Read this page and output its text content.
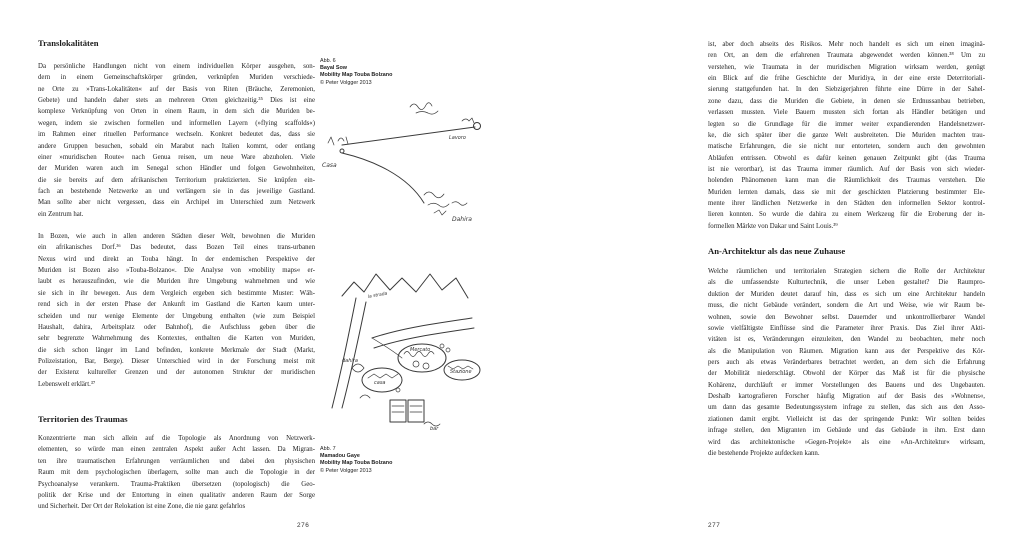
Translokalitäten
Da persönliche Handlungen nicht von einem individuellen Körper ausgehen, son-
dern in einem Gemeinschaftskörper gründen, verknüpfen Muriden verschiede-
ne Orte zu »Trans-Lokalitäten« auf der Basis von Riten (Bräuche, Zeremonien,
Gebete) und handeln daher stets an mehreren Orten gleichzeitig.³⁵ Dies ist eine
komplexe Verknüpfung von Orten in einem Raum, in dem sich die Muriden be-
wegen, indem sie zwischen formellen und informellen Layern (»flying scaffolds«)
im Rahmen einer rituellen Performance wechseln. Konkret bedeutet das, dass sie
andere Gruppen besuchen, sobald ein Marabut nach Italien kommt, oder entlang
einer »muridischen Route« nach Genua reisen, um neue Ware abzuholen. Viele
der Muriden waren auch im Senegal schon Händler und folgen Gewohnheiten,
die sie bereits auf dem afrikanischen Territorium praktizierten. Sie knüpfen ein-
fach an bestehende Netzwerke an und verlängern sie in das jeweilige Gastland.
Man sollte aber nicht vergessen, dass ein Archipel im Unterschied zum Netzwerk
ein Zentrum hat.
In Bozen, wie auch in allen anderen Städten dieser Welt, bewohnen die Muriden
ein afrikanisches Dorf.³⁶ Das bedeutet, dass Bozen Teil eines trans-urbanen
Nexus wird und direkt an Touba hängt. In der endemischen Perspektive der
Muriden ist Bozen also »Touba-Bolzano«. Die Analyse von »mobility maps« er-
laubt es herauszufinden, wie die Muriden ihre Umgebung wahrnehmen und wie
sie sich in ihr bewegen. Aus dem Vergleich ergeben sich bestimmte Muster: Wäh-
rend sich in der ersten Phase der Ankunft im Gastland die Karten kaum unter-
scheiden und nur wenige Elemente der Umgebung enthalten (wie zum Beispiel
Haushalt, dahira, Arbeitsplatz oder Bahnhof), die Aufschluss geben über die
sehr begrenzte Wahrnehmung des Kontextes, enthalten die Karten von Muriden,
die sich schon länger im Land befinden, konkrete Merkmale der Stadt (Markt,
Polizeistation, Bar, Berge). Dieser Unterschied wird in der Forschung meist mit
der Existenz kultureller Grenzen und der autonomen Struktur der muridischen
Lebenswelt erklärt.³⁷
Territorien des Traumas
Konzentrierte man sich allein auf die Topologie als Anordnung von Netzwerk-
elementen, so würde man einen zentralen Aspekt außer Acht lassen. Da Migran-
ten ihre traumatischen Erfahrungen verräumlichen und dabei den physischen
Raum mit dem psychologischen überlagern, sollte man auch die Topologie in der
Psychoanalyse verankern. Trauma-Praktiken übersetzen (topologisch) die Geo-
politik der Krise und der Entortung in einen qualitativ anderen Raum der Sorge
und Sicherheit. Der Ort der Relokation ist eine Zone, die nie ganz gefahrlos
Abb. 6
Bayal Sow
Mobility Map Touba Bolzano
© Peter Volgger 2013
Casa
Dahira
Lavoro
Mercato
casa
Stazione
bar
dahira
la strada
Abb. 7
Mamadou Gaye
Mobility Map Touba Bolzano
© Peter Volgger 2013
276
ist, aber doch abseits des Risikos. Mehr noch handelt es sich um einen imaginä-
ren Ort, an dem die erfahrenen Traumata abgewendet werden können.³⁸ Um zu
verstehen, wie Traumata in der muridischen Migration wirksam werden, genügt
ein Blick auf die frühe Geschichte der Muridiya, in der eine erste Deterritoriali-
sierung stattgefunden hat. In den Siebzigerjahren führte eine Dürre in der Sahel-
zone dazu, dass die Muriden die Gebiete, in denen sie Erdnussanbau betrieben,
verlassen mussten. Viele Bauern mussten sich fortan als Händler betätigen und
legten so die Grundlage für die immer weiter expandierenden Handelsnetzwer-
ke, die sich später über die ganze Welt ausbreiteten. Die Muriden machten trau-
matische Erfahrungen, die sie nicht nur entorteten, sondern auch den gewohnten
Abläufen entrissen. Obwohl es dafür keinen genauen Zeitpunkt gibt (das Trauma
ist nie verortbar), ist das Trauma immer räumlich. Auf der Basis von sich wieder-
holenden Phänomenen kann man die Räumlichkeit des Traumas verstehen. Die
Muriden lernten damals, dass sie mit der geschickten Platzierung bestimmter Ele-
mente ihrer ländlichen Netzwerke in den Städten den informellen Sektor kontrol-
lieren konnten. So wurde die dahira zu einem Werkzeug für die Eroberung der in-
formellen Märkte von Dakar und Saint Louis.³⁹
An-Architektur als das neue Zuhause
Welche räumlichen und territorialen Strategien sichern die Rolle der Architektur
als die umfassendste Kulturtechnik, die unser Leben gestaltet? Die Raumpro-
duktion der Muriden deutet darauf hin, dass es sich um eine Architektur handeln
muss, die nicht Gebäude verändert, sondern die Art und Weise, wie wir Raum be-
wohnen, sowie den Bewohner selbst. Dauernder und unkontrollierbarer Wandel
sowie vielfältigste Einflüsse sind die Parameter ihrer Praxis. Das Ziel ihrer Akti-
vitäten ist es, Veränderungen einzuleiten, den Wandel zu beobachten, mehr noch
als die Manipulation von Räumen. Migration kann aus der Perspektive des Kör-
pers auch als etwas Veränderbares betrachtet werden, an dem sich die Erfahrung
der Mobilität niederschlägt. Obwohl der Körper das Maß ist für die physische
Kohärenz, durchläuft er immer Vorstellungen des Bauens und des Ungebauten.
Deshalb kartografieren Forscher häufig Migration auf der Basis des »Wohnens«,
um dann das gesamte Bedeutungssystem infrage zu stellen, das sich aus den Asso-
ziationen damit ergibt. Vielleicht ist das der springende Punkt: Wir sollten beides
infrage stellen, den Migranten im Gebäude und das Gebäude in ihm. Erst dann
wird das architektonische »Gegen-Projekt« als eine »An-Architektur« wirksam,
die bestehende Projekte aufdecken kann.
277
